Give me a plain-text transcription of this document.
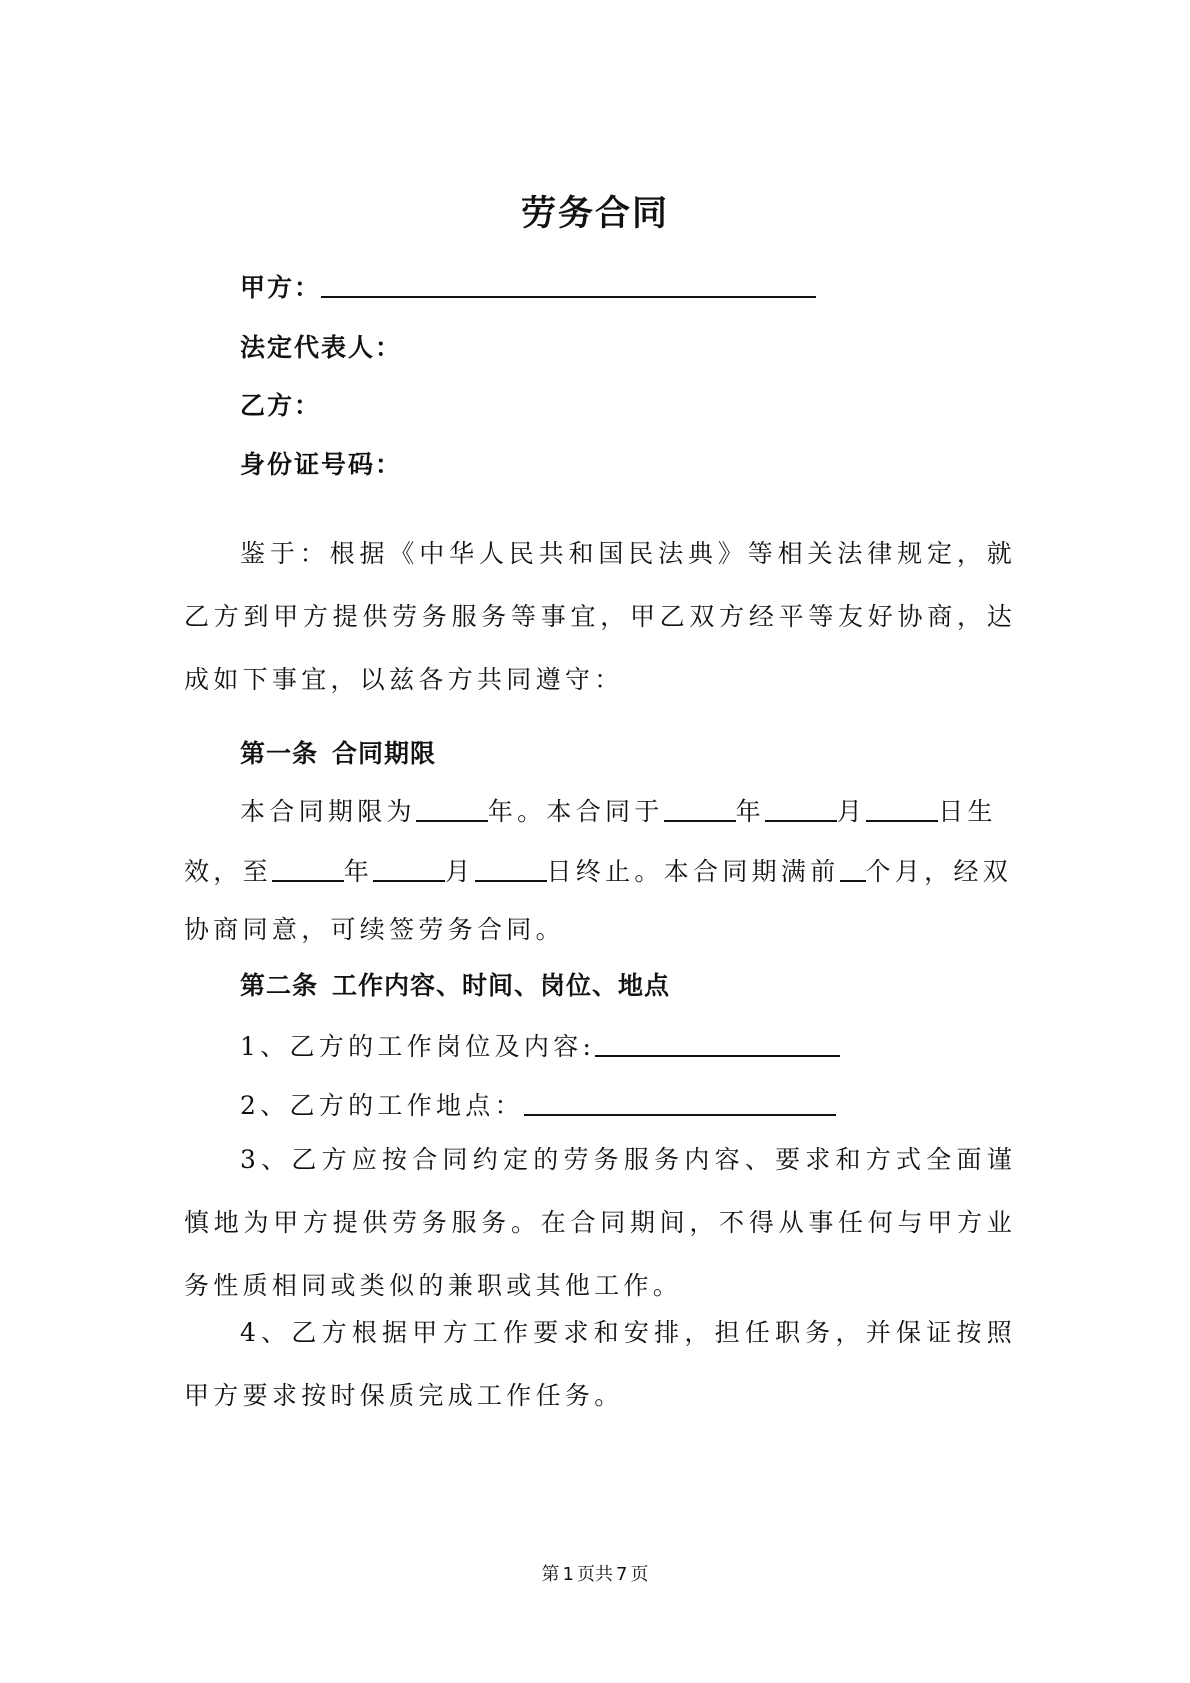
劳务合同
甲方：
法定代表人：
乙方：
身份证号码：

鉴于：根据《中华人民共和国民法典》等相关法律规定，就乙方到甲方提供劳务服务等事宜，甲乙双方经平等友好协商，达成如下事宜，以兹各方共同遵守：

第一条 合同期限
本合同期限为	年。本合同于	年	月	日生
效，至	年	月	日终止。本合同期满前 个月，经双
协商同意，可续签劳务合同。
第二条 工作内容、时间、岗位、地点
1、乙方的工作岗位及内容:
2、乙方的工作地点：

3、乙方应按合同约定的劳务服务内容、要求和方式全面谨慎地为甲方提供劳务服务。在合同期间，不得从事任何与甲方业务性质相同或类似的兼职或其他工作。

4、乙方根据甲方工作要求和安排，担任职务，并保证按照甲方要求按时保质完成工作任务。

第 1 页共 7 页
